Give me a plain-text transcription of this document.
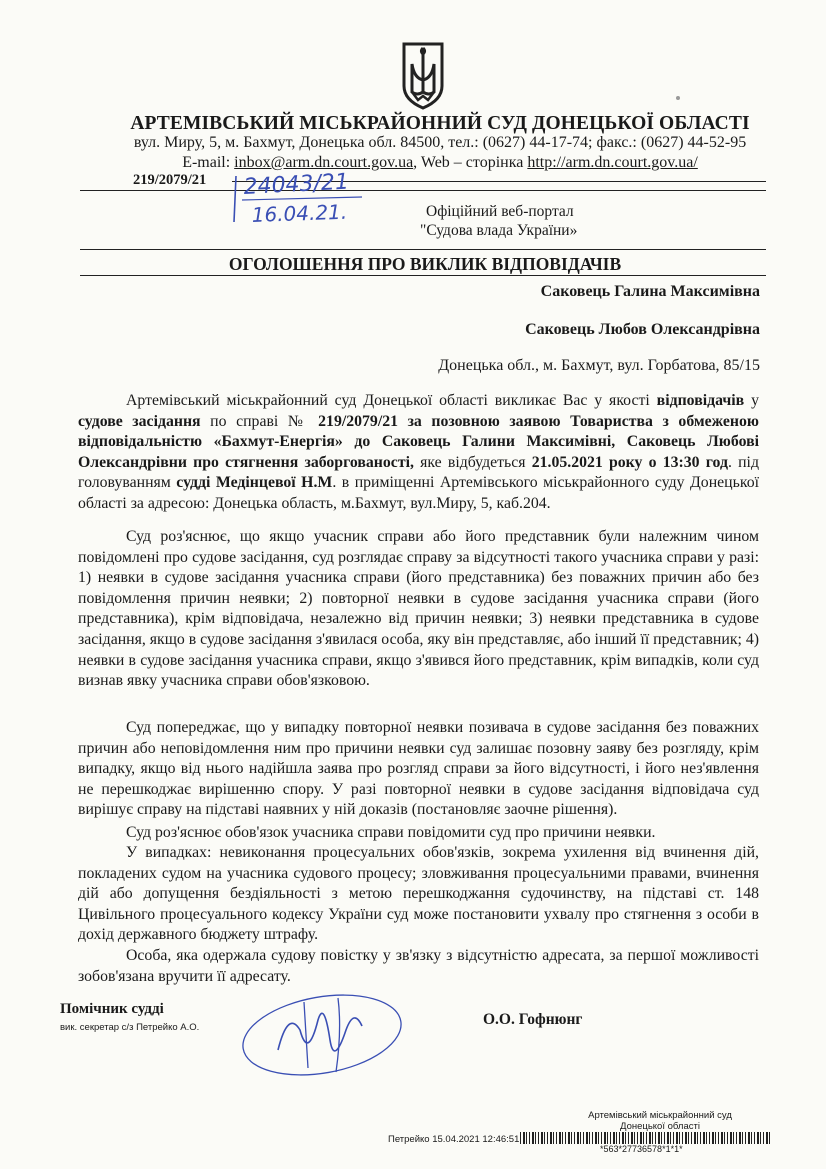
АРТЕМІВСЬКИЙ МІСЬКРАЙОННИЙ СУД ДОНЕЦЬКОЇ ОБЛАСТІ
вул. Миру, 5, м. Бахмут, Донецька обл. 84500, тел.: (0627) 44-17-74; факс.: (0627) 44-52-95
E-mail: inbox@arm.dn.court.gov.ua, Web – сторінка http://arm.dn.court.gov.ua/
219/2079/21 24043/21
16.04.21.	Офіційний веб-портал
"Судова влада України»
ОГОЛОШЕННЯ ПРО ВИКЛИК ВІДПОВІДАЧІВ
Саковець Галина Максимівна
Саковець Любов Олександрівна
Донецька обл., м. Бахмут, вул. Горбатова, 85/15

Артемівський міськрайонний суд Донецької області викликає Вас у якості відповідачів у судове засідання по справі № 219/2079/21 за позовною заявою Товариства з обмеженою відповідальністю «Бахмут-Енергія» до Саковець Галини Максимівні, Саковець Любові Олександрівни про стягнення заборгованості, яке відбудеться 21.05.2021 року о 13:30 год. під головуванням судді Медінцевої Н.М. в приміщенні Артемівського міськрайонного суду Донецької області за адресою: Донецька область, м.Бахмут, вул.Миру, 5, каб.204.

Суд роз'яснює, що якщо учасник справи або його представник були належним чином повідомлені про судове засідання, суд розглядає справу за відсутності такого учасника справи у разі: 1) неявки в судове засідання учасника справи (його представника) без поважних причин або без повідомлення причин неявки; 2) повторної неявки в судове засідання учасника справи (його представника), крім відповідача, незалежно від причин неявки; 3) неявки представника в судове засідання, якщо в судове засідання з'явилася особа, яку він представляє, або інший її представник; 4) неявки в судове засідання учасника справи, якщо з'явився його представник, крім випадків, коли суд визнав явку учасника справи обов'язковою.

Суд попереджає, що у випадку повторної неявки позивача в судове засідання без поважних причин або неповідомлення ним про причини неявки суд залишає позовну заяву без розгляду, крім випадку, якщо від нього надійшла заява про розгляд справи за його відсутності, і його нез'явлення не перешкоджає вирішенню спору. У разі повторної неявки в судове засідання відповідача суд вирішує справу на підставі наявних у ній доказів (постановляє заочне рішення).

Суд роз'яснює обов'язок учасника справи повідомити суд про причини неявки.

У випадках: невиконання процесуальних обов'язків, зокрема ухилення від вчинення дій, покладених судом на учасника судового процесу; зловживання процесуальними правами, вчинення дій або допущення бездіяльності з метою перешкоджання судочинству, на підставі ст. 148 Цивільного процесуального кодексу України суд може постановити ухвалу про стягнення з особи в дохід державного бюджету штрафу.

Особа, яка одержала судову повістку у зв'язку з відсутністю адресата, за першої можливості зобов'язана вручити її адресату.

Помічник судді
вик. секретар с/з Петрейко А.О.	О.О. Гофнюнг
Артемівський міськрайонний суд
Донецької області
Петрейко 15.04.2021 12:46:51
*563*27736578*1*1*
